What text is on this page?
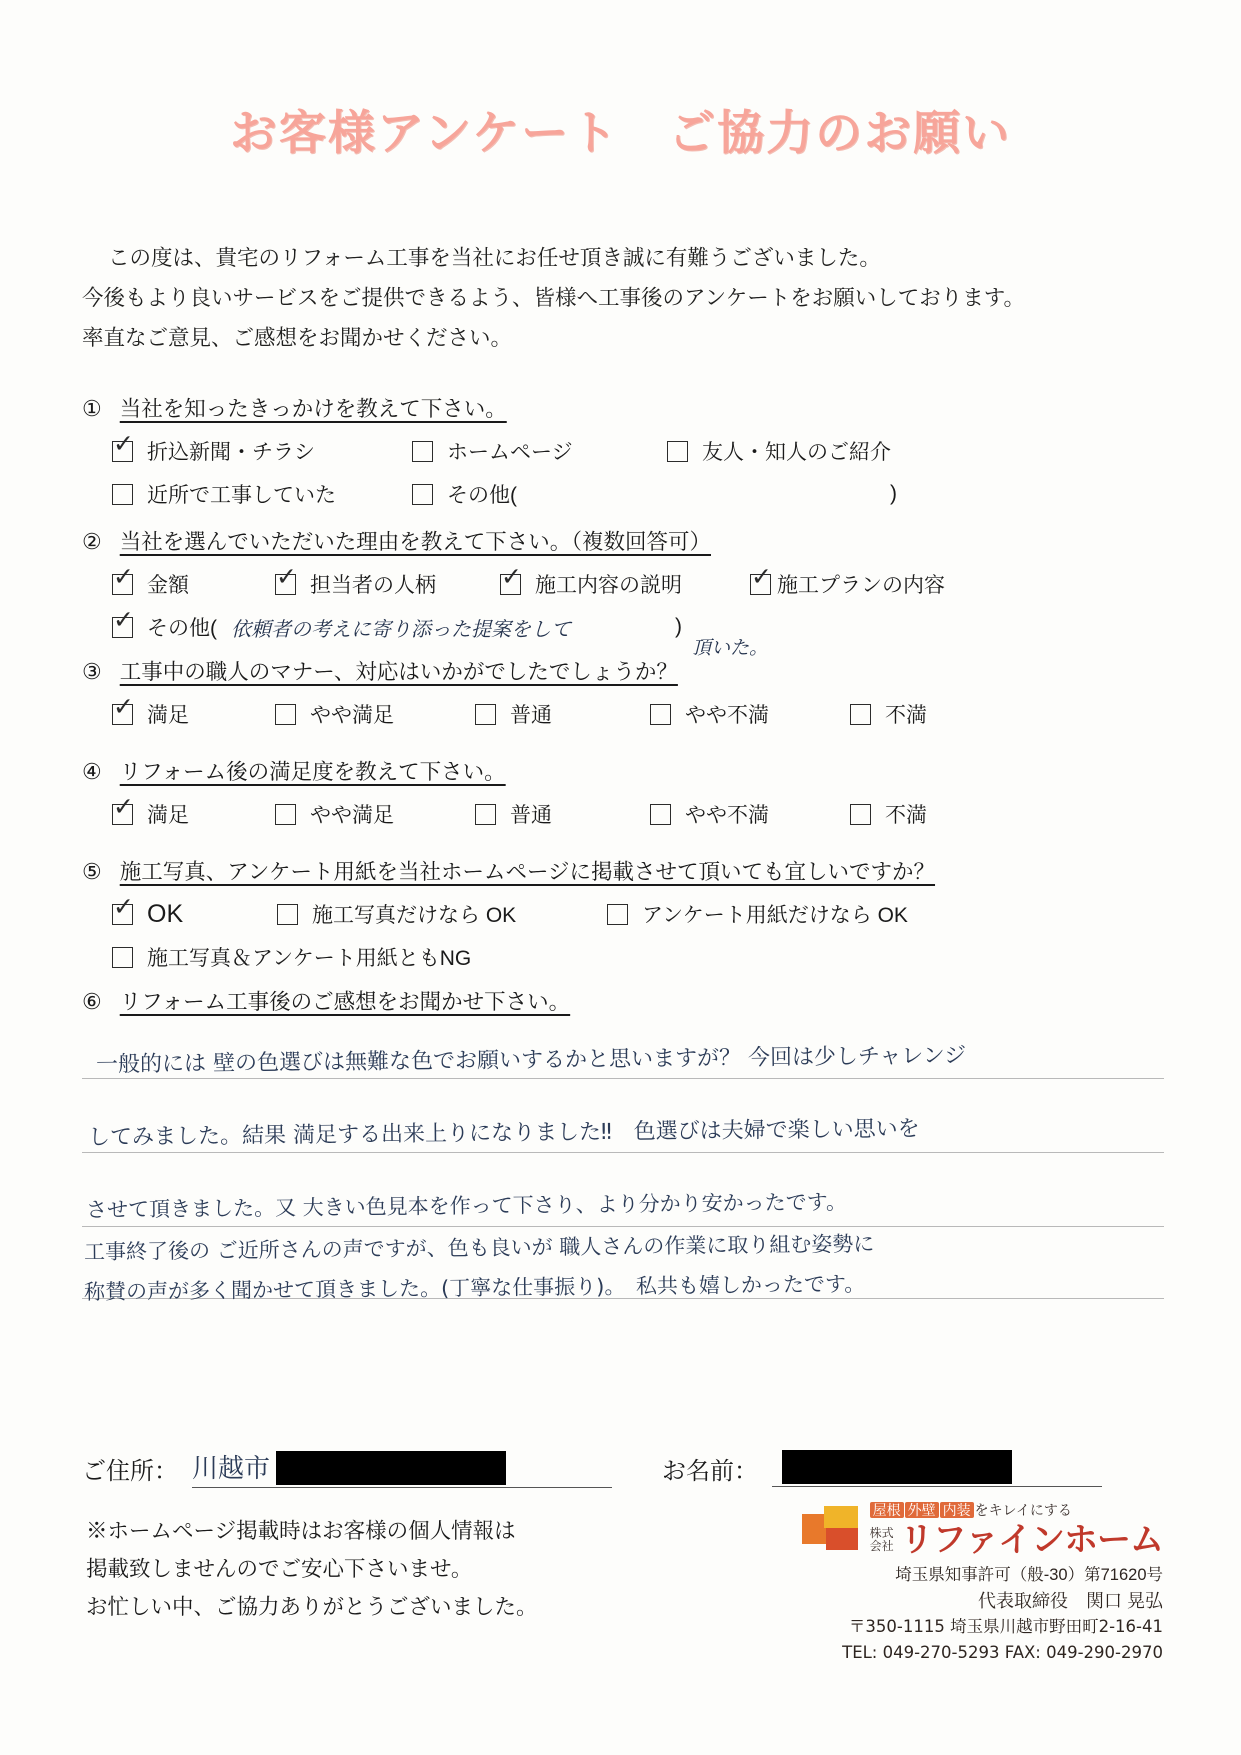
お客様アンケート　ご協力のお願い
この度は、貴宅のリフォーム工事を当社にお任せ頂き誠に有難うございました。
今後もより良いサービスをご提供できるよう、皆様へ工事後のアンケートをお願いしております。
率直なご意見、ご感想をお聞かせください。
① 当社を知ったきっかけを教えて下さい。
✓
折込新聞・チラシ	ホームページ	友人・知人のご紹介
近所で工事していた	その他(	)
② 当社を選んでいただいた理由を教えて下さい。（複数回答可）
✓
金額 ✓	担当者の人柄 ✓	施工内容の説明 ✓	施工プランの内容
✓
その他( 依頼者の考えに寄り添った提案をして	)
頂いた。
③ 工事中の職人のマナー、対応はいかがでしたでしょうか？
✓
満足	やや満足	普通	やや不満	不満
④ リフォーム後の満足度を教えて下さい。
✓
満足	やや満足	普通	やや不満	不満
⑤ 施工写真、アンケート用紙を当社ホームページに掲載させて頂いても宜しいですか？
✓
OK	施工写真だけなら OK	アンケート用紙だけなら OK
施工写真＆アンケート用紙ともNG
⑥ リフォーム工事後のご感想をお聞かせ下さい。
一般的には 壁の色選びは無難な色でお願いするかと思いますが？ 今回は少しチャレンジ
してみました。結果 満足する出来上りになりました‼　色選びは夫婦で楽しい思いを
させて頂きました。又 大きい色見本を作って下さり、より分かり安かったです。
工事終了後の ご近所さんの声ですが、色も良いが 職人さんの作業に取り組む姿勢に
称賛の声が多く聞かせて頂きました。(丁寧な仕事振り)。　私共も嬉しかったです。
ご住所： 川越市	お名前：
※ホームページ掲載時はお客様の個人情報は
掲載致しませんのでご安心下さいませ。
お忙しい中、ご協力ありがとうございました。
屋根 外壁 内装 をキレイにする
株式
会社 リファインホーム
埼玉県知事許可（般-30）第71620号
代表取締役　関口 晃弘
〒350-1115 埼玉県川越市野田町2-16-41
TEL: 049-270-5293 FAX: 049-290-2970
